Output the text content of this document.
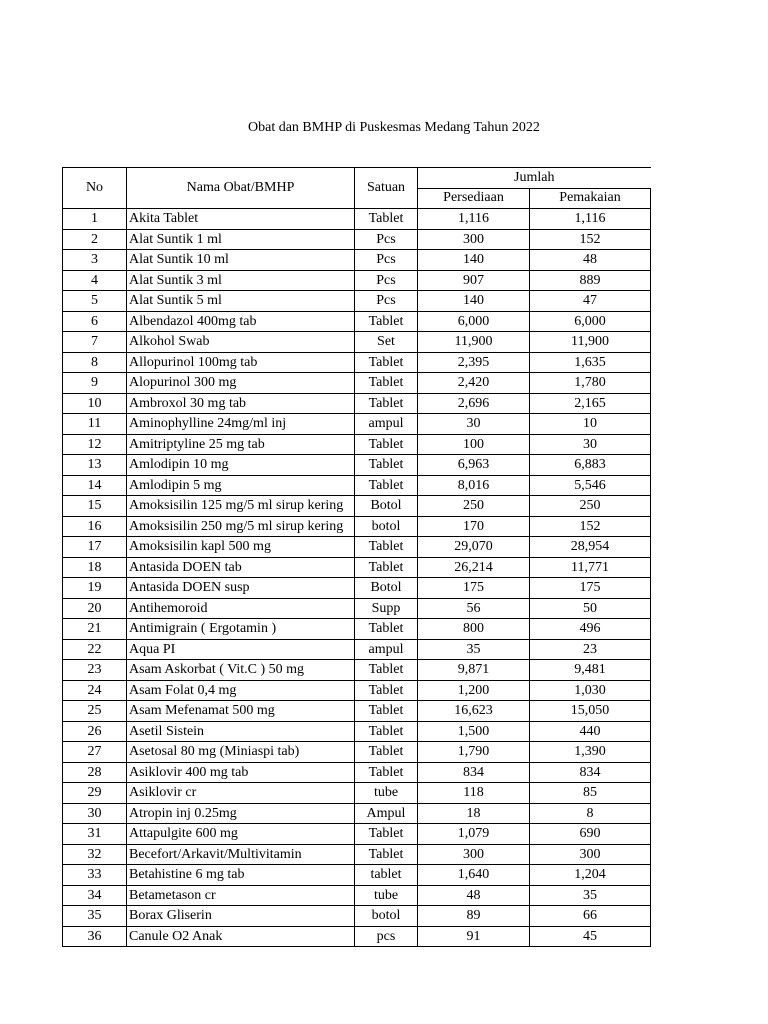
Obat dan BMHP di Puskesmas Medang Tahun 2022
No	Nama Obat/BMHP	Satuan	Jumlah	
			Persediaan	Pemakaian
1	Akita Tablet	Tablet	1,116	1,116
2	Alat Suntik 1 ml	Pcs	300	152
3	Alat Suntik 10 ml	Pcs	140	48
4	Alat Suntik 3 ml	Pcs	907	889
5	Alat Suntik 5 ml	Pcs	140	47
6	Albendazol 400mg tab	Tablet	6,000	6,000
7	Alkohol Swab	Set	11,900	11,900
8	Allopurinol 100mg tab	Tablet	2,395	1,635
9	Alopurinol 300 mg	Tablet	2,420	1,780
10	Ambroxol 30 mg tab	Tablet	2,696	2,165
11	Aminophylline 24mg/ml inj	ampul	30	10
12	Amitriptyline 25 mg tab	Tablet	100	30
13	Amlodipin 10 mg	Tablet	6,963	6,883
14	Amlodipin 5 mg	Tablet	8,016	5,546
15	Amoksisilin 125 mg/5 ml sirup kering	Botol	250	250
16	Amoksisilin 250 mg/5 ml sirup kering	botol	170	152
17	Amoksisilin kapl 500 mg	Tablet	29,070	28,954
18	Antasida DOEN tab	Tablet	26,214	11,771
19	Antasida DOEN susp	Botol	175	175
20	Antihemoroid	Supp	56	50
21	Antimigrain ( Ergotamin )	Tablet	800	496
22	Aqua PI	ampul	35	23
23	Asam Askorbat ( Vit.C ) 50 mg	Tablet	9,871	9,481
24	Asam Folat 0,4 mg	Tablet	1,200	1,030
25	Asam Mefenamat 500 mg	Tablet	16,623	15,050
26	Asetil Sistein	Tablet	1,500	440
27	Asetosal 80 mg (Miniaspi tab)	Tablet	1,790	1,390
28	Asiklovir 400 mg tab	Tablet	834	834
29	Asiklovir cr	tube	118	85
30	Atropin inj 0.25mg	Ampul	18	8
31	Attapulgite 600 mg	Tablet	1,079	690
32	Becefort/Arkavit/Multivitamin	Tablet	300	300
33	Betahistine 6 mg tab	tablet	1,640	1,204
34	Betametason cr	tube	48	35
35	Borax Gliserin	botol	89	66
36	Canule O2 Anak	pcs	91	45
